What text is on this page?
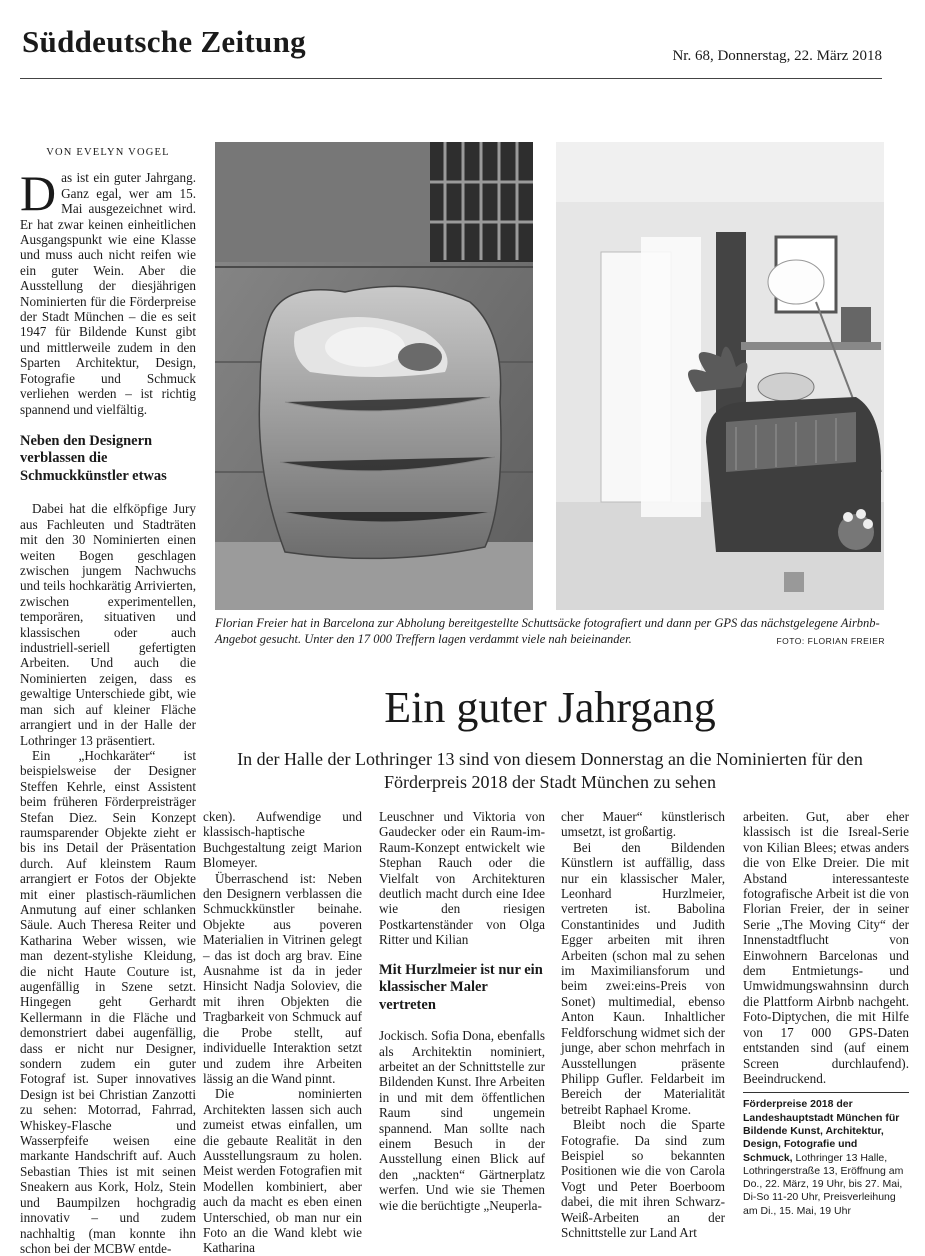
Süddeutsche Zeitung	Nr. 68, Donnerstag, 22. März 2018
VON EVELYN VOGEL

Das ist ein guter Jahrgang. Ganz egal, wer am 15. Mai ausgezeichnet wird. Er hat zwar keinen einheitlichen Ausgangspunkt wie eine Klasse und muss auch nicht reifen wie ein guter Wein. Aber die Ausstellung der diesjährigen Nominierten für die Förderpreise der Stadt München – die es seit 1947 für Bildende Kunst gibt und mittlerweile zudem in den Sparten Architektur, Design, Fotografie und Schmuck verliehen werden – ist richtig spannend und vielfältig.

Neben den Designern verblassen die Schmuckkünstler etwas

Dabei hat die elfköpfige Jury aus Fachleuten und Stadträten mit den 30 Nominierten einen weiten Bogen geschlagen zwischen jungem Nachwuchs und teils hochkarätig Arrivierten, zwischen experimentellen, temporären, situativen und klassischen oder auch industriell-seriell gefertigten Arbeiten. Und auch die Nominierten zeigen, dass es gewaltige Unterschiede gibt, wie man sich auf kleiner Fläche arrangiert und in der Halle der Lothringer 13 präsentiert.

Ein „Hochkaräter“ ist beispielsweise der Designer Steffen Kehrle, einst Assistent beim früheren Förderpreisträger Stefan Diez. Sein Konzept raumsparender Objekte zieht er bis ins Detail der Präsentation durch. Auf kleinstem Raum arrangiert er Fotos der Objekte mit einer plastisch-räumlichen Anmutung auf einer schlanken Säule. Auch Theresa Reiter und Katharina Weber wissen, wie man dezent-stylishe Kleidung, die nicht Haute Couture ist, augenfällig in Szene setzt. Hingegen geht Gerhardt Kellermann in die Fläche und demonstriert dabei augenfällig, dass er nicht nur Designer, sondern zudem ein guter Fotograf ist. Super innovatives Design ist bei Christian Zanzotti zu sehen: Motorrad, Fahrrad, Whiskey-Flasche und Wasserpfeife weisen eine markante Handschrift auf. Auch Sebastian Thies ist mit seinen Sneakern aus Kork, Holz, Stein und Baumpilzen hochgradig innovativ – und zudem nachhaltig (man konnte ihn schon bei der MCBW entde-

Florian Freier hat in Barcelona zur Abholung bereitgestellte Schuttsäcke fotografiert und dann per GPS das nächstgelegene Airbnb-Angebot gesucht. Unter den 17 000 Treffern lagen verdammt viele nah beieinander.	FOTO: FLORIAN FREIER
Ein guter Jahrgang
In der Halle der Lothringer 13 sind von diesem Donnerstag an die Nominierten für den Förderpreis 2018 der Stadt München zu sehen

cken). Aufwendige und klassisch-haptische Buchgestaltung zeigt Marion Blomeyer.

Überraschend ist: Neben den Designern verblassen die Schmuckkünstler beinahe. Objekte aus poveren Materialien in Vitrinen gelegt – das ist doch arg brav. Eine Ausnahme ist da in jeder Hinsicht Nadja Soloviev, die mit ihren Objekten die Tragbarkeit von Schmuck auf die Probe stellt, auf individuelle Interaktion setzt und zudem ihre Arbeiten lässig an die Wand pinnt.

Die nominierten Architekten lassen sich auch zumeist etwas einfallen, um die gebaute Realität in den Ausstellungsraum zu holen. Meist werden Fotografien mit Modellen kombiniert, aber auch da macht es eben einen Unterschied, ob man nur ein Foto an die Wand klebt wie Katharina

Leuschner und Viktoria von Gaudecker oder ein Raum-im-Raum-Konzept entwickelt wie Stephan Rauch oder die Vielfalt von Architekturen deutlich macht durch eine Idee wie den riesigen Postkartenständer von Olga Ritter und Kilian

Mit Hurzlmeier ist nur ein klassischer Maler vertreten

Jockisch. Sofia Dona, ebenfalls als Architektin nominiert, arbeitet an der Schnittstelle zur Bildenden Kunst. Ihre Arbeiten in und mit dem öffentlichen Raum sind ungemein spannend. Man sollte nach einem Besuch in der Ausstellung einen Blick auf den „nackten“ Gärtnerplatz werfen. Und wie sie Themen wie die berüchtigte „Neuperla-

cher Mauer“ künstlerisch umsetzt, ist großartig.

Bei den Bildenden Künstlern ist auffällig, dass nur ein klassischer Maler, Leonhard Hurzlmeier, vertreten ist. Babolina Constantinides und Judith Egger arbeiten mit ihren Arbeiten (schon mal zu sehen im Maximiliansforum und beim zwei:eins-Preis von Sonet) multimedial, ebenso Anton Kaun. Inhaltlicher Feldforschung widmet sich der junge, aber schon mehrfach in Ausstellungen präsente Philipp Gufler. Feldarbeit im Bereich der Materialität betreibt Raphael Krome.

Bleibt noch die Sparte Fotografie. Da sind zum Beispiel so bekannten Positionen wie die von Carola Vogt und Peter Boerboom dabei, die mit ihren Schwarz-Weiß-Arbeiten an der Schnittstelle zur Land Art

arbeiten. Gut, aber eher klassisch ist die Isreal-Serie von Kilian Blees; etwas anders die von Elke Dreier. Die mit Abstand interessanteste fotografische Arbeit ist die von Florian Freier, der in seiner Serie „The Moving City“ der Innenstadtflucht von Einwohnern Barcelonas und dem Entmietungs- und Umwidmungswahnsinn durch die Plattform Airbnb nachgeht. Foto-Diptychen, die mit Hilfe von 17 000 GPS-Daten entstanden sind (auf einem Screen durchlaufend). Beeindruckend.

Förderpreise 2018 der Landeshauptstadt München für Bildende Kunst, Architektur, Design, Fotografie und Schmuck, Lothringer 13 Halle, Lothringerstraße 13, Eröffnung am Do., 22. März, 19 Uhr, bis 27. Mai, Di-So 11-20 Uhr, Preisverleihung am Di., 15. Mai, 19 Uhr
